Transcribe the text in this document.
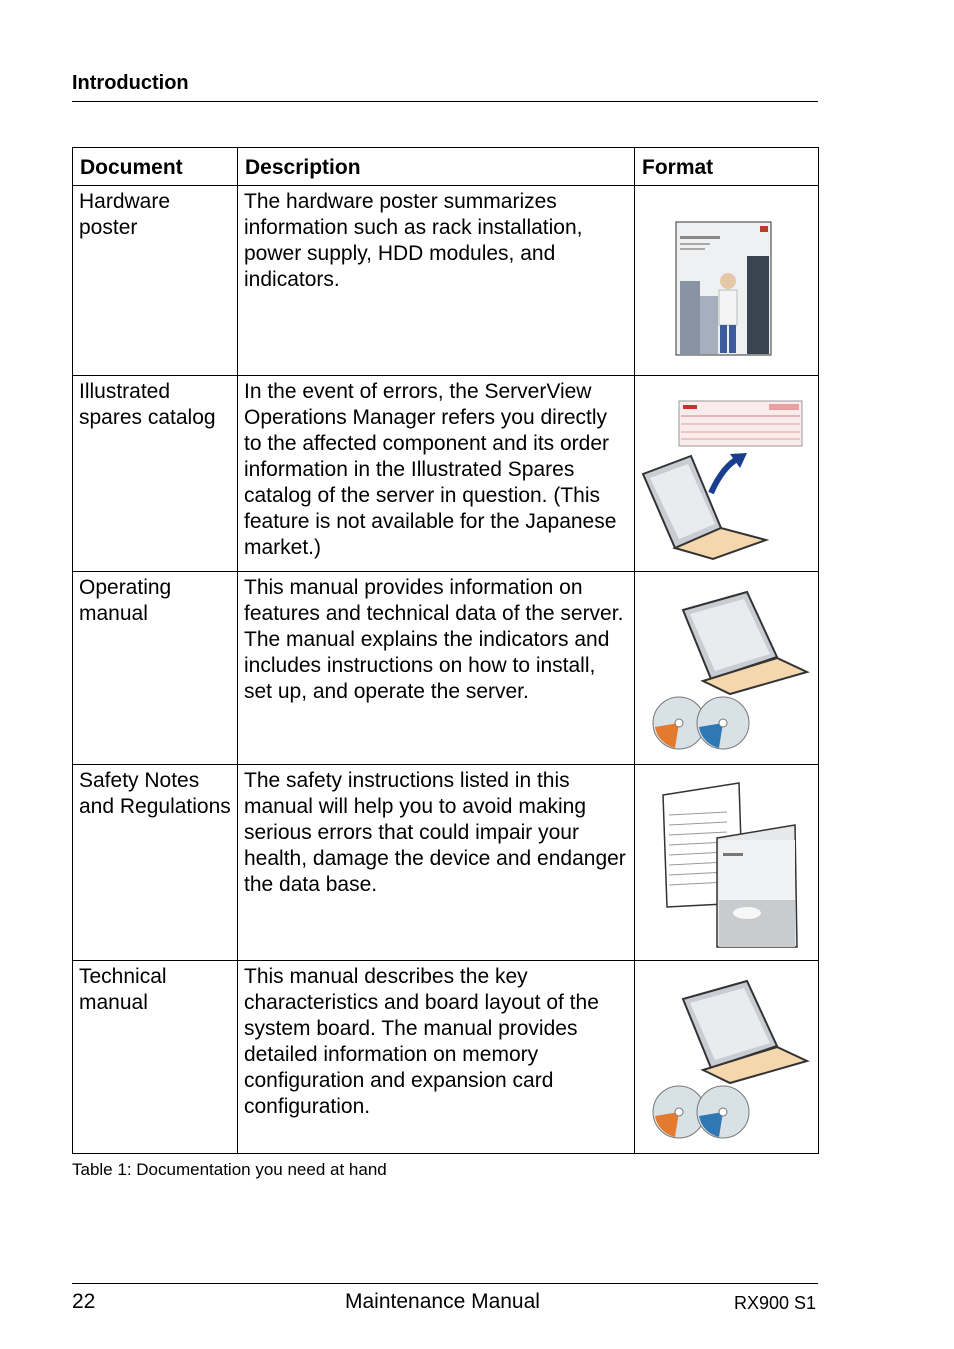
Introduction
Document	Description	Format
Hardware poster	The hardware poster summarizes information such as rack installation, power supply, HDD modules, and indicators.	

Illustrated spares catalog	In the event of errors, the ServerView Operations Manager refers you directly to the affected component and its order information in the Illustrated Spares catalog of the server in question. (This feature is not available for the Japanese market.)	

Operating manual	This manual provides information on features and technical data of the server. The manual explains the indicators and includes instructions on how to install, set up, and operate the server.	

Safety Notes and Regulations	The safety instructions listed in this manual will help you to avoid making serious errors that could impair your health, damage the device and endanger the data base.	

Technical manual	This manual describes the key characteristics and board layout of the system board. The manual provides detailed information on memory configuration and expansion card configuration.	
Table 1: Documentation you need at hand
22	Maintenance Manual	RX900 S1
